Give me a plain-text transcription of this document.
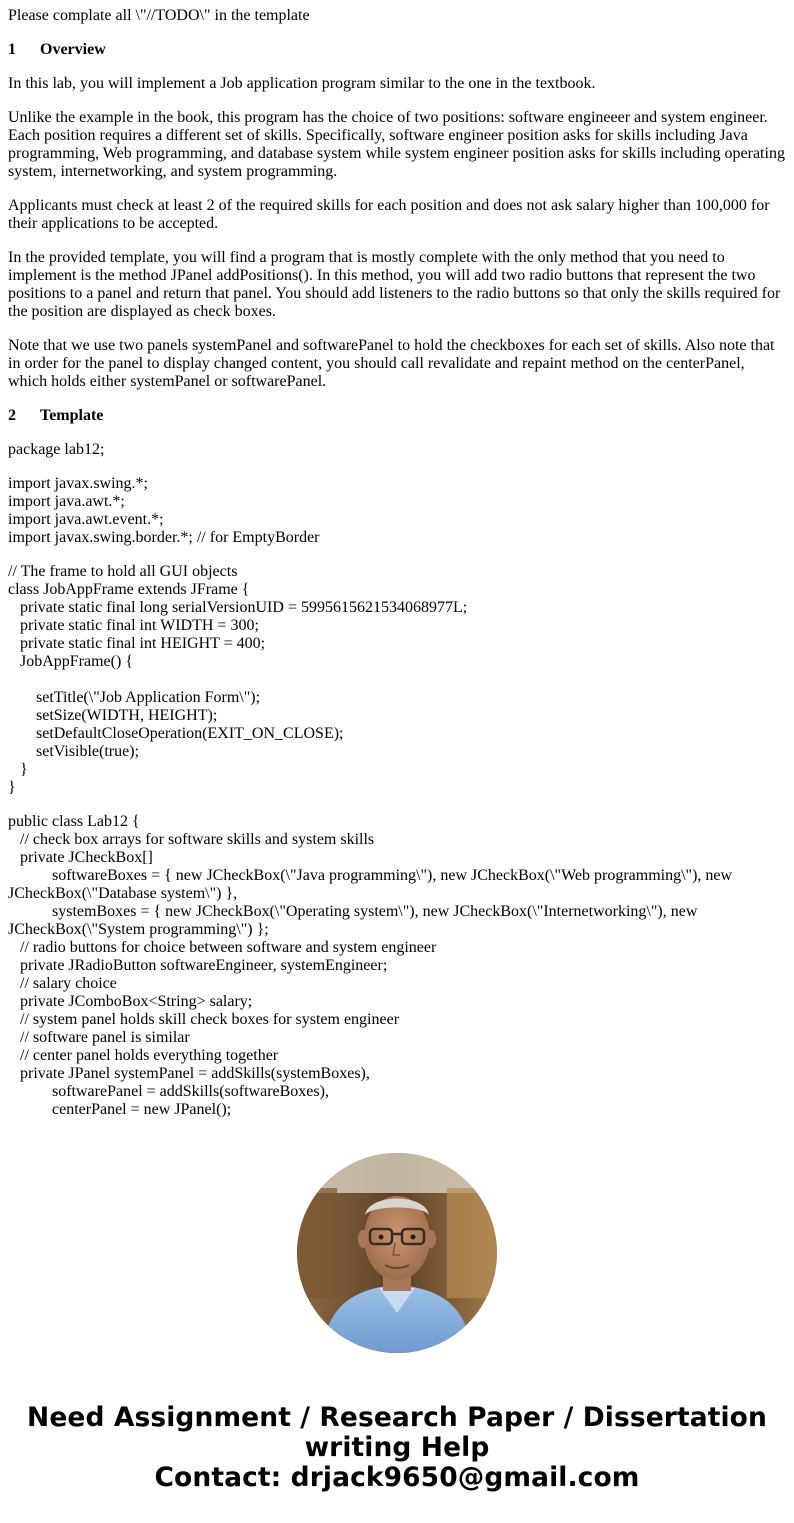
Please complate all \"//TODO\" in the template

1 Overview

In this lab, you will implement a Job application program similar to the one in the textbook.

Unlike the example in the book, this program has the choice of two positions: software engineeer and system engineer. Each position requires a different set of skills. Specifically, software engineer position asks for skills including Java programming, Web programming, and database system while system engineer position asks for skills including operating system, internetworking, and system programming.

Applicants must check at least 2 of the required skills for each position and does not ask salary higher than 100,000 for their applications to be accepted.

In the provided template, you will find a program that is mostly complete with the only method that you need to implement is the method JPanel addPositions(). In this method, you will add two radio buttons that represent the two positions to a panel and return that panel. You should add listeners to the radio buttons so that only the skills required for the position are displayed as check boxes.

Note that we use two panels systemPanel and softwarePanel to hold the checkboxes for each set of skills. Also note that in order for the panel to display changed content, you should call revalidate and repaint method on the centerPanel, which holds either systemPanel or softwarePanel.

2 Template
package lab12;
import javax.swing.*;
import java.awt.*;
import java.awt.event.*;
import javax.swing.border.*; // for EmptyBorder
// The frame to hold all GUI objects
class JobAppFrame extends JFrame {
private static final long serialVersionUID = 5995615621534068977L;
private static final int WIDTH = 300;
private static final int HEIGHT = 400;
JobAppFrame() {
setTitle(\"Job Application Form\");
setSize(WIDTH, HEIGHT);
setDefaultCloseOperation(EXIT_ON_CLOSE);
setVisible(true);
}
}
public class Lab12 {
// check box arrays for software skills and system skills
private JCheckBox[]
softwareBoxes = { new JCheckBox(\"Java programming\"), new JCheckBox(\"Web programming\"), new
JCheckBox(\"Database system\") },
systemBoxes = { new JCheckBox(\"Operating system\"), new JCheckBox(\"Internetworking\"), new
JCheckBox(\"System programming\") };
// radio buttons for choice between software and system engineer
private JRadioButton softwareEngineer, systemEngineer;
// salary choice
private JComboBox<String> salary;
// system panel holds skill check boxes for system engineer
// software panel is similar
// center panel holds everything together
private JPanel systemPanel = addSkills(systemBoxes),
softwarePanel = addSkills(softwareBoxes),
centerPanel = new JPanel();
Need Assignment / Research Paper / Dissertation
writing Help
Contact: drjack9650@gmail.com
